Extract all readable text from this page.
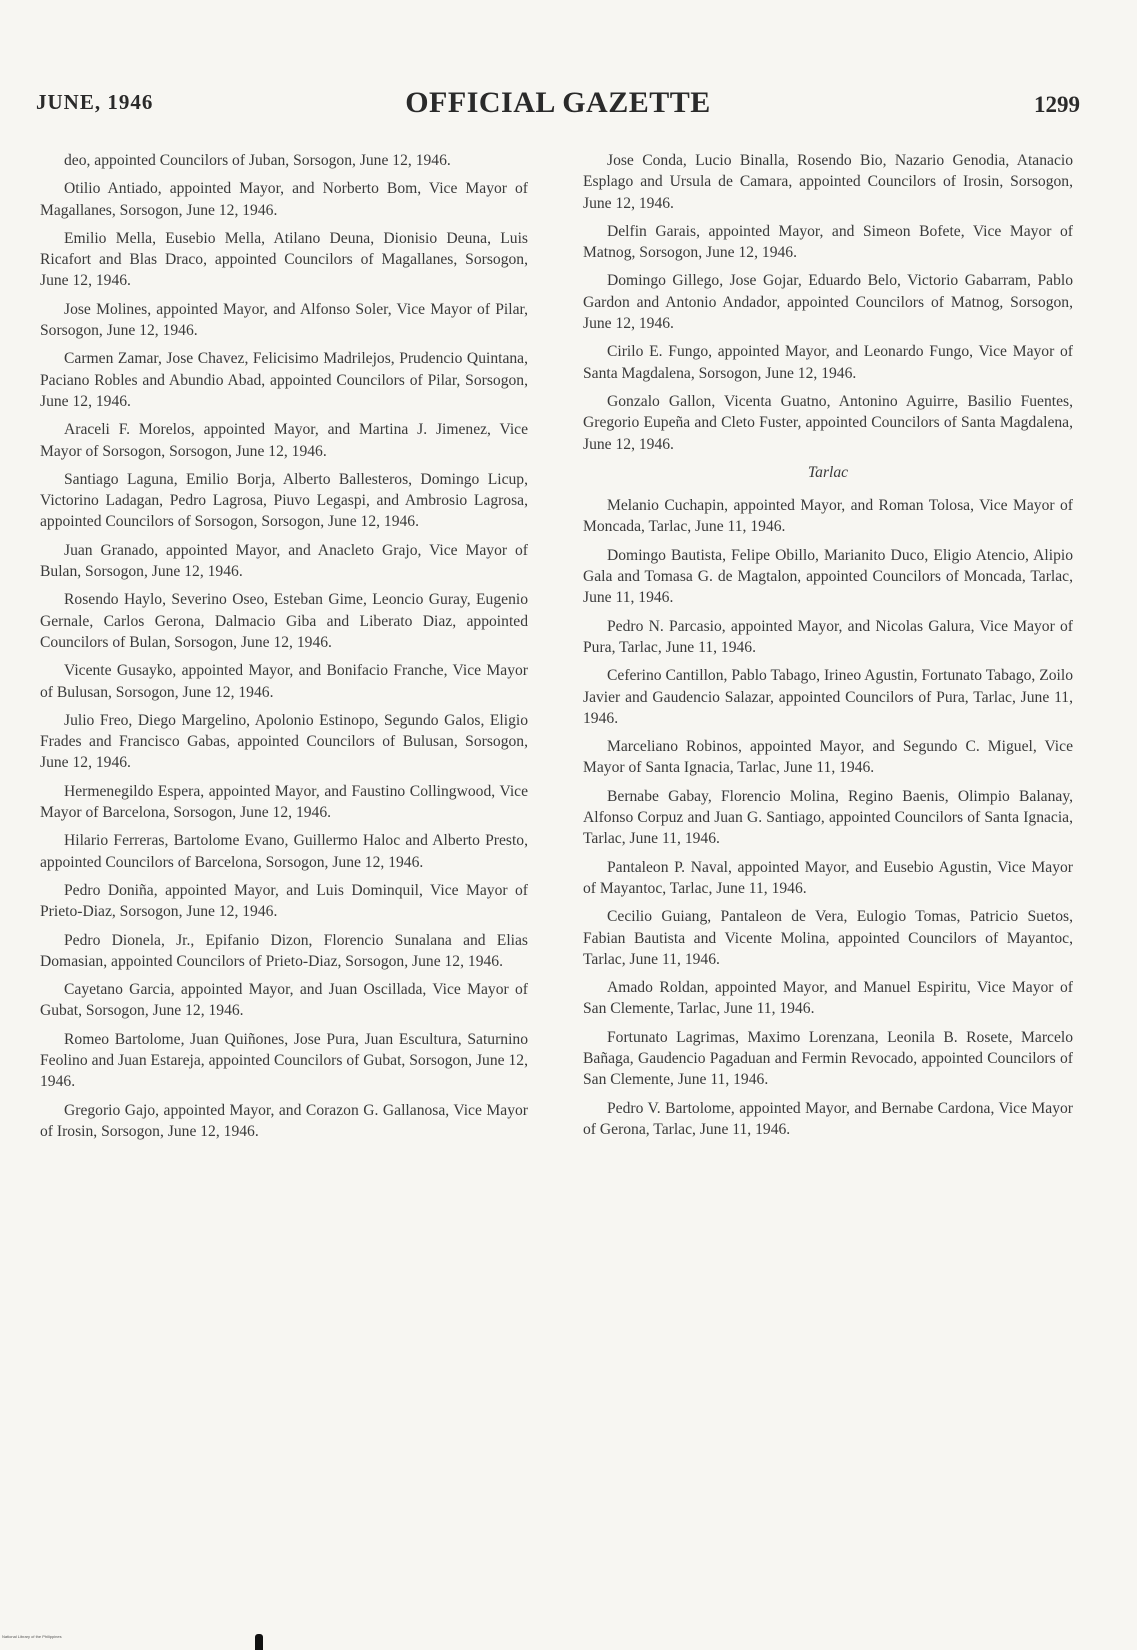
JUNE, 1946	OFFICIAL GAZETTE	1299

deo, appointed Councilors of Juban, Sorsogon, June 12, 1946.

Otilio Antiado, appointed Mayor, and Norberto Bom, Vice Mayor of Magallanes, Sorsogon, June 12, 1946.

Emilio Mella, Eusebio Mella, Atilano Deuna, Dionisio Deuna, Luis Ricafort and Blas Draco, appointed Councilors of Magallanes, Sorsogon, June 12, 1946.

Jose Molines, appointed Mayor, and Alfonso Soler, Vice Mayor of Pilar, Sorsogon, June 12, 1946.

Carmen Zamar, Jose Chavez, Felicisimo Madrilejos, Prudencio Quintana, Paciano Robles and Abundio Abad, appointed Councilors of Pilar, Sorsogon, June 12, 1946.

Araceli F. Morelos, appointed Mayor, and Martina J. Jimenez, Vice Mayor of Sorsogon, Sorsogon, June 12, 1946.

Santiago Laguna, Emilio Borja, Alberto Ballesteros, Domingo Licup, Victorino Ladagan, Pedro Lagrosa, Piuvo Legaspi, and Ambrosio Lagrosa, appointed Councilors of Sorsogon, Sorsogon, June 12, 1946.

Juan Granado, appointed Mayor, and Anacleto Grajo, Vice Mayor of Bulan, Sorsogon, June 12, 1946.

Rosendo Haylo, Severino Oseo, Esteban Gime, Leoncio Guray, Eugenio Gernale, Carlos Gerona, Dalmacio Giba and Liberato Diaz, appointed Councilors of Bulan, Sorsogon, June 12, 1946.

Vicente Gusayko, appointed Mayor, and Bonifacio Franche, Vice Mayor of Bulusan, Sorsogon, June 12, 1946.

Julio Freo, Diego Margelino, Apolonio Estinopo, Segundo Galos, Eligio Frades and Francisco Gabas, appointed Councilors of Bulusan, Sorsogon, June 12, 1946.

Hermenegildo Espera, appointed Mayor, and Faustino Collingwood, Vice Mayor of Barcelona, Sorsogon, June 12, 1946.

Hilario Ferreras, Bartolome Evano, Guillermo Haloc and Alberto Presto, appointed Councilors of Barcelona, Sorsogon, June 12, 1946.

Pedro Doniña, appointed Mayor, and Luis Dominquil, Vice Mayor of Prieto-Diaz, Sorsogon, June 12, 1946.

Pedro Dionela, Jr., Epifanio Dizon, Florencio Sunalana and Elias Domasian, appointed Councilors of Prieto-Diaz, Sorsogon, June 12, 1946.

Cayetano Garcia, appointed Mayor, and Juan Oscillada, Vice Mayor of Gubat, Sorsogon, June 12, 1946.

Romeo Bartolome, Juan Quiñones, Jose Pura, Juan Escultura, Saturnino Feolino and Juan Estareja, appointed Councilors of Gubat, Sorsogon, June 12, 1946.

Gregorio Gajo, appointed Mayor, and Corazon G. Gallanosa, Vice Mayor of Irosin, Sorsogon, June 12, 1946.

Jose Conda, Lucio Binalla, Rosendo Bio, Nazario Genodia, Atanacio Esplago and Ursula de Camara, appointed Councilors of Irosin, Sorsogon, June 12, 1946.

Delfin Garais, appointed Mayor, and Simeon Bofete, Vice Mayor of Matnog, Sorsogon, June 12, 1946.

Domingo Gillego, Jose Gojar, Eduardo Belo, Victorio Gabarram, Pablo Gardon and Antonio Andador, appointed Councilors of Matnog, Sorsogon, June 12, 1946.

Cirilo E. Fungo, appointed Mayor, and Leonardo Fungo, Vice Mayor of Santa Magdalena, Sorsogon, June 12, 1946.

Gonzalo Gallon, Vicenta Guatno, Antonino Aguirre, Basilio Fuentes, Gregorio Eupeña and Cleto Fuster, appointed Councilors of Santa Magdalena, June 12, 1946.

Tarlac

Melanio Cuchapin, appointed Mayor, and Roman Tolosa, Vice Mayor of Moncada, Tarlac, June 11, 1946.

Domingo Bautista, Felipe Obillo, Marianito Duco, Eligio Atencio, Alipio Gala and Tomasa G. de Magtalon, appointed Councilors of Moncada, Tarlac, June 11, 1946.

Pedro N. Parcasio, appointed Mayor, and Nicolas Galura, Vice Mayor of Pura, Tarlac, June 11, 1946.

Ceferino Cantillon, Pablo Tabago, Irineo Agustin, Fortunato Tabago, Zoilo Javier and Gaudencio Salazar, appointed Councilors of Pura, Tarlac, June 11, 1946.

Marceliano Robinos, appointed Mayor, and Segundo C. Miguel, Vice Mayor of Santa Ignacia, Tarlac, June 11, 1946.

Bernabe Gabay, Florencio Molina, Regino Baenis, Olimpio Balanay, Alfonso Corpuz and Juan G. Santiago, appointed Councilors of Santa Ignacia, Tarlac, June 11, 1946.

Pantaleon P. Naval, appointed Mayor, and Eusebio Agustin, Vice Mayor of Mayantoc, Tarlac, June 11, 1946.

Cecilio Guiang, Pantaleon de Vera, Eulogio Tomas, Patricio Suetos, Fabian Bautista and Vicente Molina, appointed Councilors of Mayantoc, Tarlac, June 11, 1946.

Amado Roldan, appointed Mayor, and Manuel Espiritu, Vice Mayor of San Clemente, Tarlac, June 11, 1946.

Fortunato Lagrimas, Maximo Lorenzana, Leonila B. Rosete, Marcelo Bañaga, Gaudencio Pagaduan and Fermin Revocado, appointed Councilors of San Clemente, June 11, 1946.

Pedro V. Bartolome, appointed Mayor, and Bernabe Cardona, Vice Mayor of Gerona, Tarlac, June 11, 1946.

National Library of the Philippines
